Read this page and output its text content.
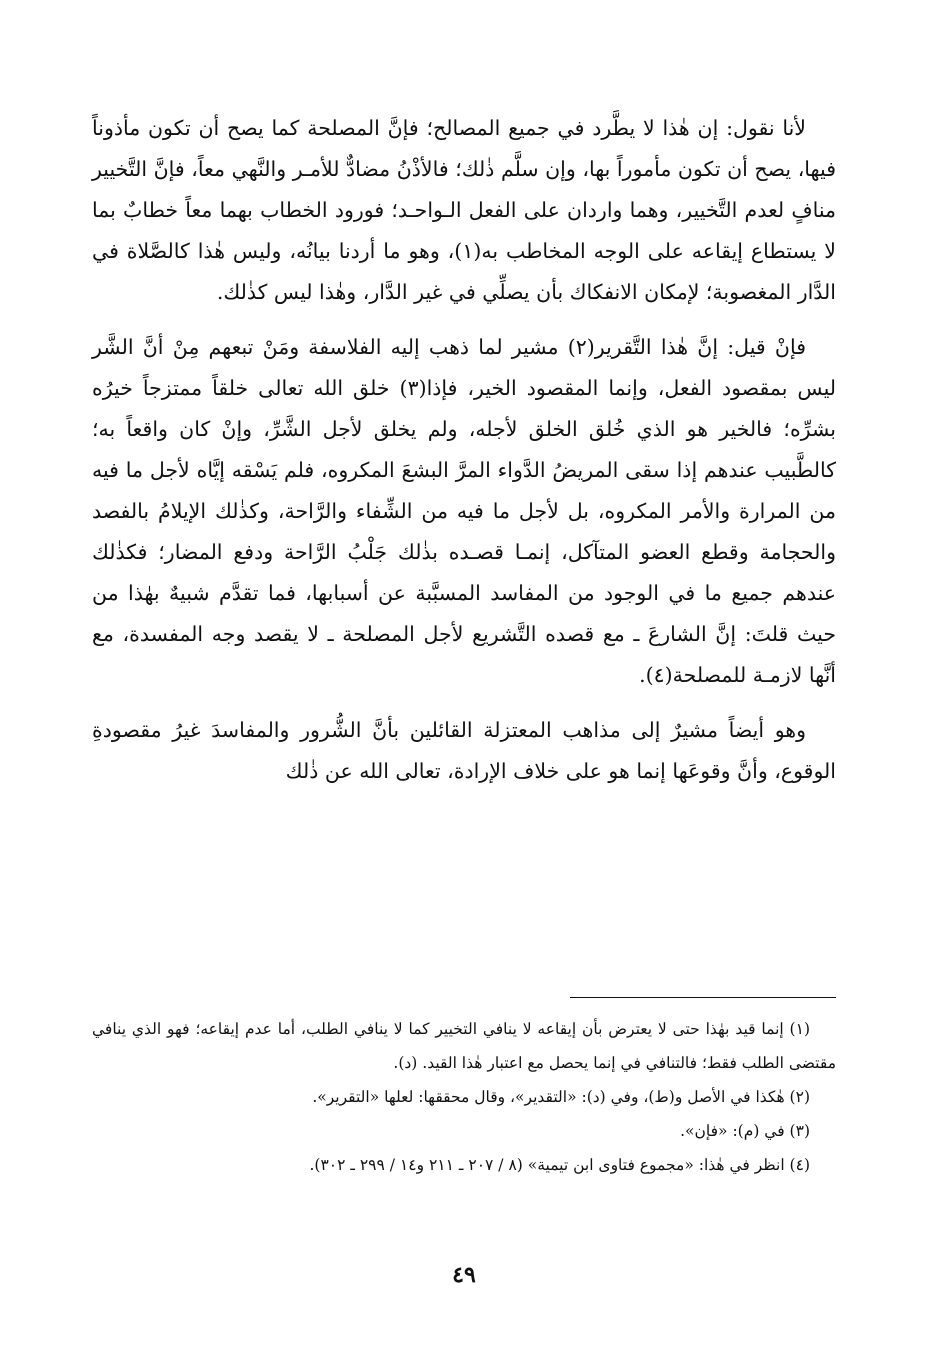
لأنا نقول: إن هٰذا لا يطَّرد في جميع المصالح؛ فإنَّ المصلحة كما يصح أن تكون مأذوناً فيها، يصح أن تكون مأموراً بها، وإن سلَّم ذٰلك؛ فالأذْنُ مضادٌّ للأمـر والنَّهي معاً، فإنَّ التَّخيير منافٍ لعدم التَّخيير، وهما واردان على الفعل الـواحـد؛ فورود الخطاب بهما معاً خطابٌ بما لا يستطاع إيقاعه على الوجه المخاطب به(١)، وهو ما أردنا بيانُه، وليس هٰذا كالصَّلاة في الدَّار المغصوبة؛ لإمكان الانفكاك بأن يصلِّي في غير الدَّار، وهٰذا ليس كذٰلك.

فإنْ قيل: إنَّ هٰذا التَّقرير(٢) مشير لما ذهب إليه الفلاسفة ومَنْ تبعهم مِنْ أنَّ الشَّر ليس بمقصود الفعل، وإنما المقصود الخير، فإذا(٣) خلق الله تعالى خلقاً ممتزجاً خيرُه بشرِّه؛ فالخير هو الذي خُلق الخلق لأجله، ولم يخلق لأجل الشَّرِّ، وإنْ كان واقعاً به؛ كالطَّبيب عندهم إذا سقى المريضُ الدَّواء المرَّ البشعَ المكروه، فلم يَسْقه إيَّاه لأجل ما فيه من المرارة والأمر المكروه، بل لأجل ما فيه من الشِّفاء والرَّاحة، وكذٰلك الإيلامُ بالفصد والحجامة وقطع العضو المتآكل، إنمـا قصـده بذٰلك جَلْبُ الرَّاحة ودفع المضار؛ فكذٰلك عندهم جميع ما في الوجود من المفاسد المسبَّبة عن أسبابها، فما تقدَّم شبيهٌ بهٰذا من حيث قلتَ: إنَّ الشارعَ ـ مع قصده التَّشريع لأجل المصلحة ـ لا يقصد وجه المفسدة، مع أنَّها لازمـة للمصلحة(٤).

وهو أيضاً مشيرٌ إلى مذاهب المعتزلة القائلين بأنَّ الشُّرور والمفاسدَ غيرُ مقصودةِ الوقوع، وأنَّ وقوعَها إنما هو على خلاف الإرادة، تعالى الله عن ذٰلك

(١) إنما قيد بهٰذا حتى لا يعترض بأن إيقاعه لا ينافي التخيير كما لا ينافي الطلب، أما عدم إيقاعه؛ فهو الذي ينافي مقتضى الطلب فقط؛ فالتنافي في إنما يحصل مع اعتبار هٰذا القيد. (د).

(٢) هٰكذا في الأصل و(ط)، وفي (د): «التقدير»، وقال محققها: لعلها «التقرير».

(٣) في (م): «فإن».

(٤) انظر في هٰذا: «مجموع فتاوى ابن تيمية» (٨ / ٢٠٧ ـ ٢١١ و١٤ / ٢٩٩ ـ ٣٠٢).

٤٩
